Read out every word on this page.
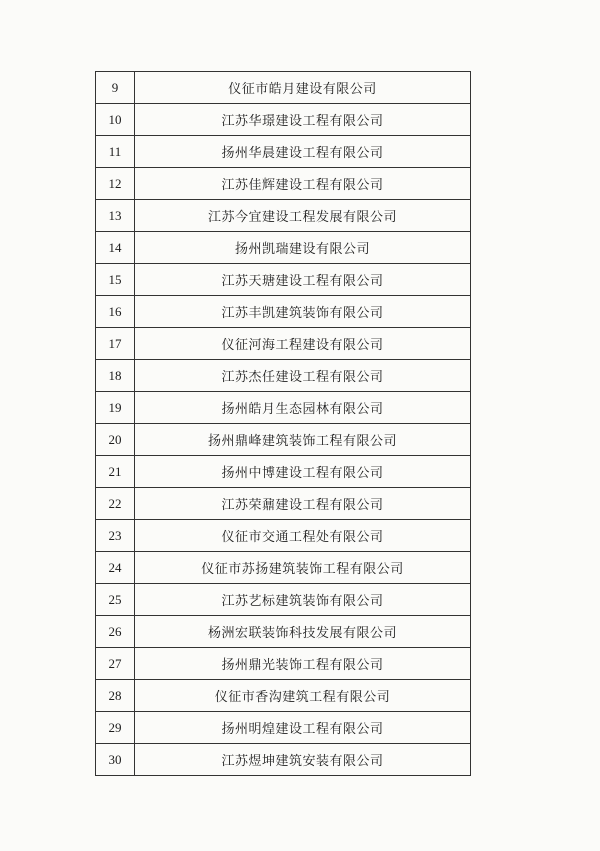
9	仪征市皓月建设有限公司
10	江苏华璟建设工程有限公司
11	扬州华晨建设工程有限公司
12	江苏佳辉建设工程有限公司
13	江苏今宜建设工程发展有限公司
14	扬州凯瑞建设有限公司
15	江苏天瑭建设工程有限公司
16	江苏丰凯建筑装饰有限公司
17	仪征河海工程建设有限公司
18	江苏杰任建设工程有限公司
19	扬州皓月生态园林有限公司
20	扬州鼎峰建筑装饰工程有限公司
21	扬州中博建设工程有限公司
22	江苏荣鼐建设工程有限公司
23	仪征市交通工程处有限公司
24	仪征市苏扬建筑装饰工程有限公司
25	江苏艺标建筑装饰有限公司
26	杨洲宏联装饰科技发展有限公司
27	扬州鼎光装饰工程有限公司
28	仪征市香沟建筑工程有限公司
29	扬州明煌建设工程有限公司
30	江苏煜坤建筑安装有限公司
